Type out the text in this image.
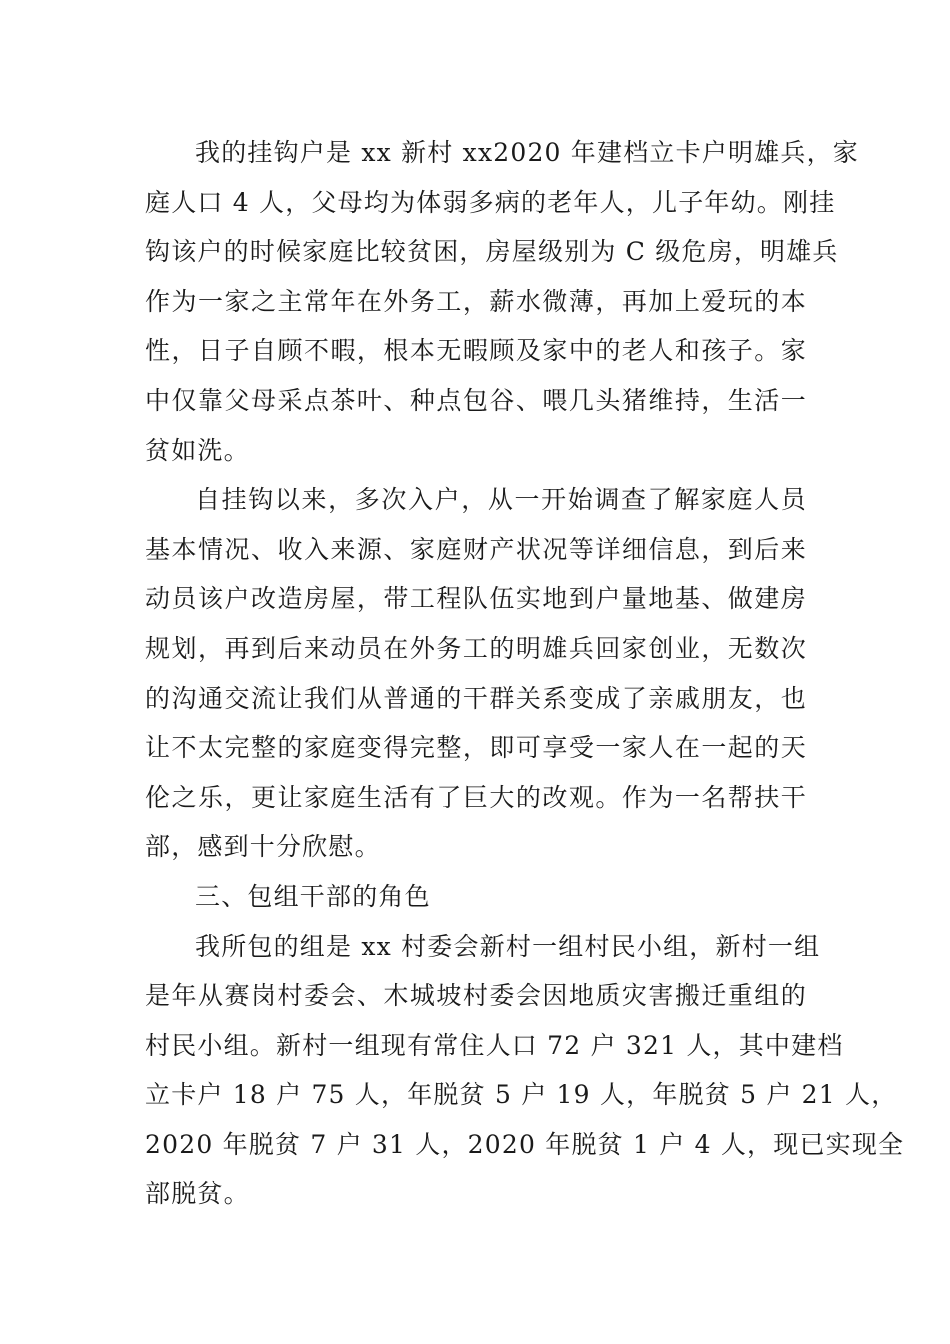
我的挂钩户是 xx 新村 xx2020 年建档立卡户明雄兵，家
庭人口 4 人，父母均为体弱多病的老年人，儿子年幼。刚挂
钩该户的时候家庭比较贫困，房屋级别为 C 级危房，明雄兵
作为一家之主常年在外务工，薪水微薄，再加上爱玩的本
性，日子自顾不暇，根本无暇顾及家中的老人和孩子。家
中仅靠父母采点茶叶、种点包谷、喂几头猪维持，生活一
贫如洗。
自挂钩以来，多次入户，从一开始调查了解家庭人员
基本情况、收入来源、家庭财产状况等详细信息，到后来
动员该户改造房屋，带工程队伍实地到户量地基、做建房
规划，再到后来动员在外务工的明雄兵回家创业，无数次
的沟通交流让我们从普通的干群关系变成了亲戚朋友，也
让不太完整的家庭变得完整，即可享受一家人在一起的天
伦之乐，更让家庭生活有了巨大的改观。作为一名帮扶干
部，感到十分欣慰。
三、包组干部的角色
我所包的组是 xx 村委会新村一组村民小组，新村一组
是年从赛岗村委会、木城坡村委会因地质灾害搬迁重组的
村民小组。新村一组现有常住人口 72 户 321 人，其中建档
立卡户 18 户 75 人，年脱贫 5 户 19 人，年脱贫 5 户 21 人，
2020 年脱贫 7 户 31 人，2020 年脱贫 1 户 4 人，现已实现全
部脱贫。
